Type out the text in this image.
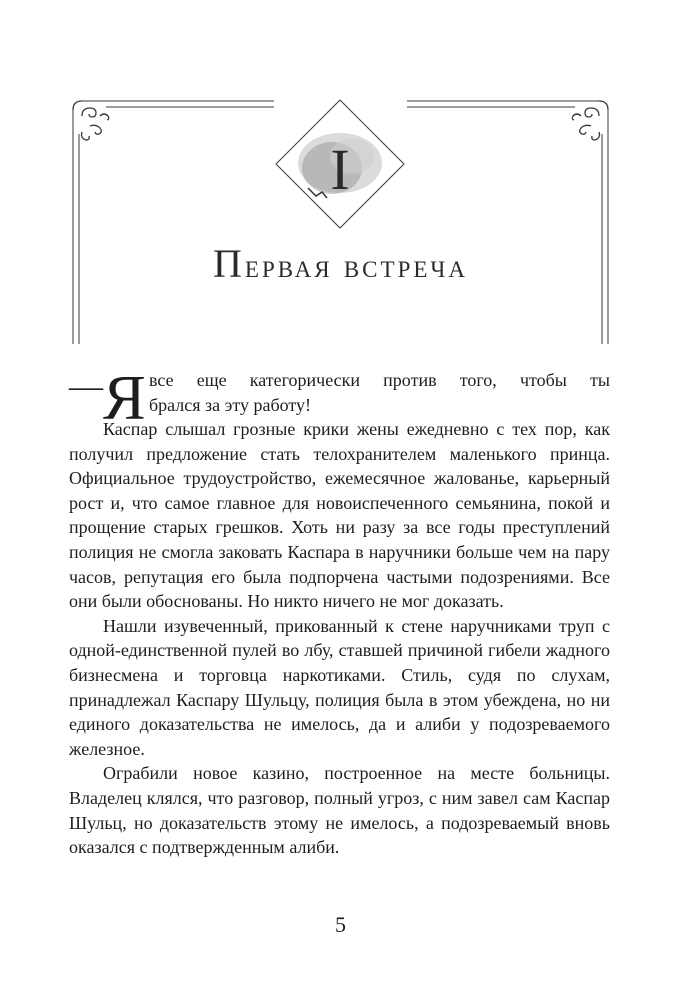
I
Первая встреча
— Я все еще категорически против того, чтобы ты
брался за эту работу!

Каспар слышал грозные крики жены ежедневно с тех пор, как получил предложение стать телохранителем маленького принца. Официальное трудоустройство, ежемесячное жалованье, карьерный рост и, что самое главное для новоиспеченного семьянина, покой и прощение старых грешков. Хоть ни разу за все годы преступлений полиция не смогла заковать Каспара в наручники больше чем на пару часов, репутация его была подпорчена частыми подозрениями. Все они были обоснованы. Но никто ничего не мог доказать.

Нашли изувеченный, прикованный к стене наручниками труп с одной-единственной пулей во лбу, ставшей причиной гибели жадного бизнесмена и торговца наркотиками. Стиль, судя по слухам, принадлежал Каспару Шульцу, полиция была в этом убеждена, но ни единого доказательства не имелось, да и алиби у подозреваемого железное.

Ограбили новое казино, построенное на месте больницы. Владелец клялся, что разговор, полный угроз, с ним завел сам Каспар Шульц, но доказательств этому не имелось, а подозреваемый вновь оказался с подтвержденным алиби.

5
